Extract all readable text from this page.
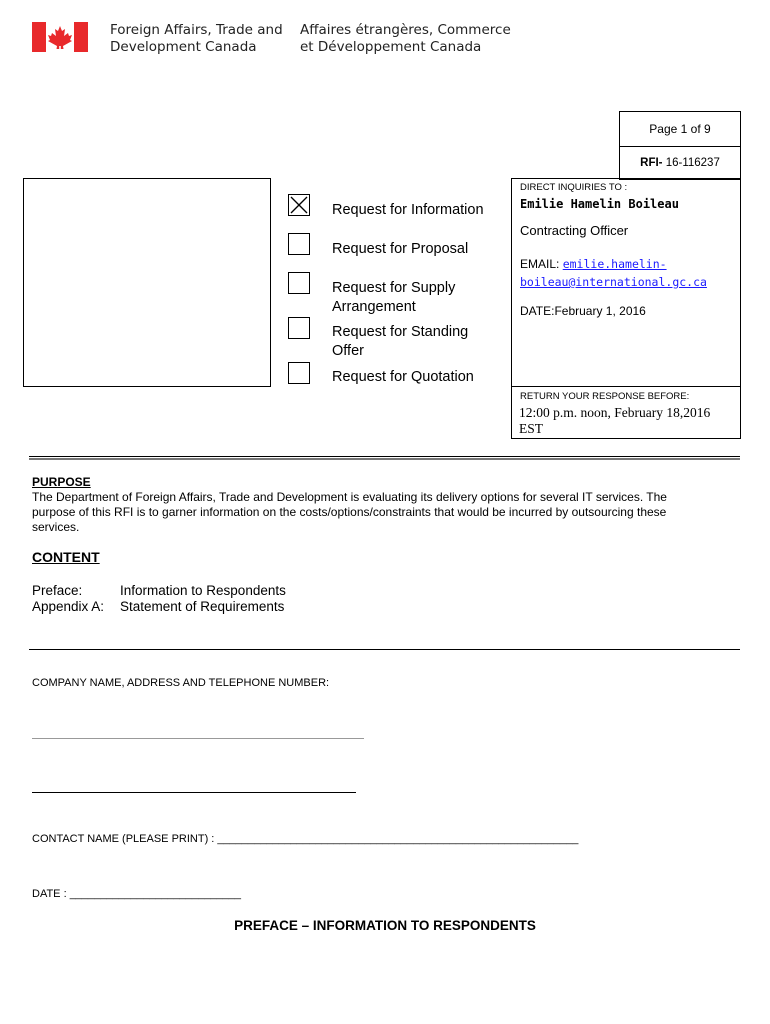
Foreign Affairs, Trade and
Development Canada
Affaires étrangères, Commerce
et Développement Canada
Page 1 of 9
RFI-
16-116237
Request for Information
Request for Proposal
Request for Supply
Arrangement
Request for Standing
Offer
Request for Quotation
DIRECT INQUIRIES TO :
Emilie Hamelin Boileau
Contracting Officer
EMAIL: emilie.hamelin-
boileau@international.gc.ca
DATE:February 1, 2016
RETURN YOUR RESPONSE BEFORE:
12:00 p.m. noon, February 18,2016
EST
PURPOSE
The Department of Foreign Affairs, Trade and Development is evaluating its delivery options for several IT services. The
purpose of this RFI is to garner information on the costs/options/constraints that would be incurred by outsourcing these
services.
CONTENT
Preface:	Information to Respondents
Appendix A:	Statement of Requirements
COMPANY NAME, ADDRESS AND TELEPHONE NUMBER:
CONTACT NAME (PLEASE PRINT) : ___________________________________________________________
DATE : ____________________________
PREFACE – INFORMATION TO RESPONDENTS
